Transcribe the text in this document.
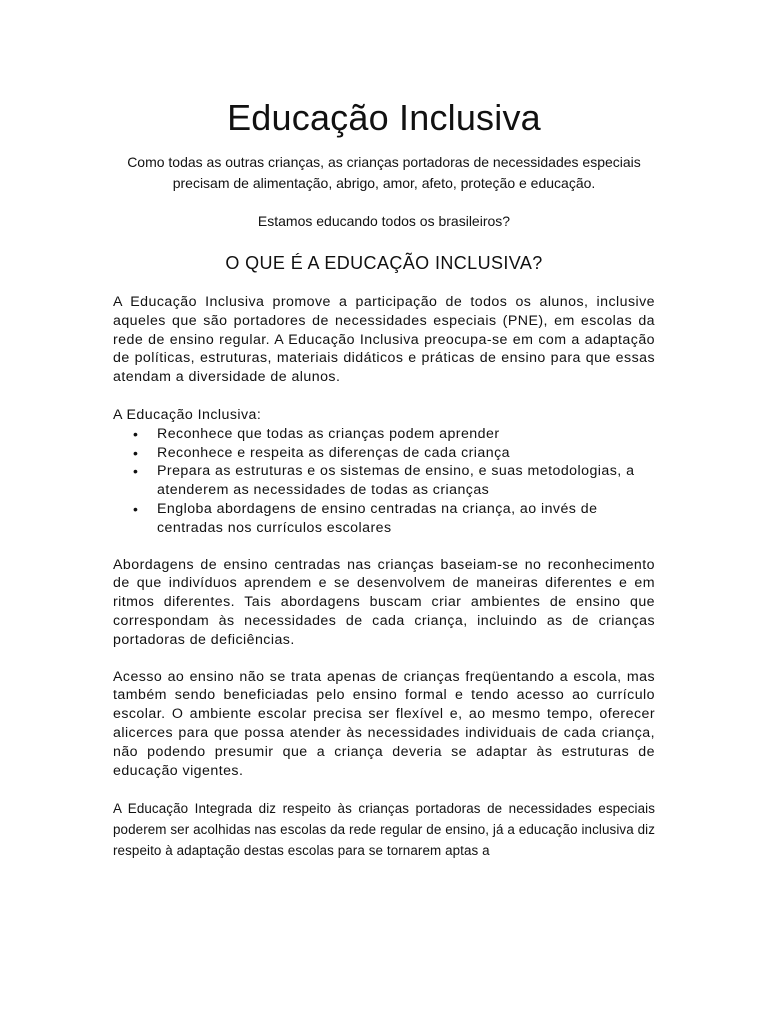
Educação Inclusiva

Como todas as outras crianças, as crianças portadoras de necessidades especiais precisam de alimentação, abrigo, amor, afeto, proteção e educação.

Estamos educando todos os brasileiros?

O QUE É A EDUCAÇÃO INCLUSIVA?

A Educação Inclusiva promove a participação de todos os alunos, inclusive aqueles que são portadores de necessidades especiais (PNE), em escolas da rede de ensino regular. A Educação Inclusiva preocupa-se em com a adaptação de políticas, estruturas, materiais didáticos e práticas de ensino para que essas atendam a diversidade de alunos.

A Educação Inclusiva:

• Reconhece que todas as crianças podem aprender
• Reconhece e respeita as diferenças de cada criança
• Prepara as estruturas e os sistemas de ensino, e suas metodologias, a atenderem as necessidades de todas as crianças
• Engloba abordagens de ensino centradas na criança, ao invés de centradas nos currículos escolares

Abordagens de ensino centradas nas crianças baseiam-se no reconhecimento de que indivíduos aprendem e se desenvolvem de maneiras diferentes e em ritmos diferentes. Tais abordagens buscam criar ambientes de ensino que correspondam às necessidades de cada criança, incluindo as de crianças portadoras de deficiências.

Acesso ao ensino não se trata apenas de crianças freqüentando a escola, mas também sendo beneficiadas pelo ensino formal e tendo acesso ao currículo escolar. O ambiente escolar precisa ser flexível e, ao mesmo tempo, oferecer alicerces para que possa atender às necessidades individuais de cada criança, não podendo presumir que a criança deveria se adaptar às estruturas de educação vigentes.

A Educação Integrada diz respeito às crianças portadoras de necessidades especiais poderem ser acolhidas nas escolas da rede regular de ensino, já a educação inclusiva diz respeito à adaptação destas escolas para se tornarem aptas a
